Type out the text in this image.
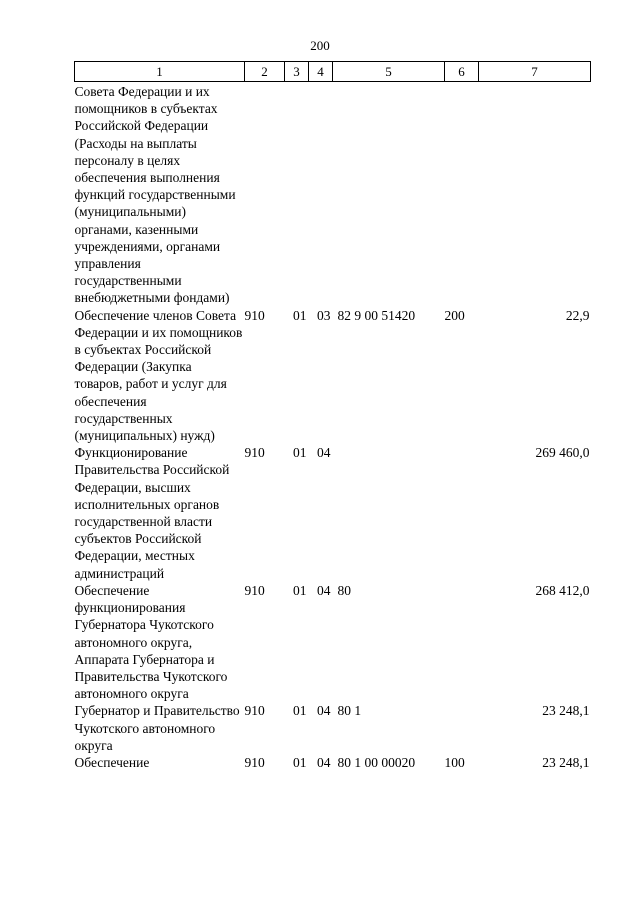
200
1	2	3	4	5	6	7
Совета Федерации и их помощников в субъектах Российской Федерации (Расходы на выплаты персоналу в целях обеспечения выполнения функций государственными (муниципальными) органами, казенными учреждениями, органами управления государственными внебюджетными фондами)						
Обеспечение членов Совета Федерации и их помощников в субъектах Российской Федерации (Закупка товаров, работ и услуг для обеспечения государственных (муниципальных) нужд)	910	01	03	82 9 00 51420	200	22,9
Функционирование Правительства Российской Федерации, высших исполнительных органов государственной власти субъектов Российской Федерации, местных администраций	910	01	04			269 460,0
Обеспечение функционирования Губернатора Чукотского автономного округа, Аппарата Губернатора и Правительства Чукотского автономного округа	910	01	04	80		268 412,0
Губернатор и Правительство Чукотского автономного округа	910	01	04	80 1		23 248,1
Обеспечение	910	01	04	80 1 00 00020	100	23 248,1
